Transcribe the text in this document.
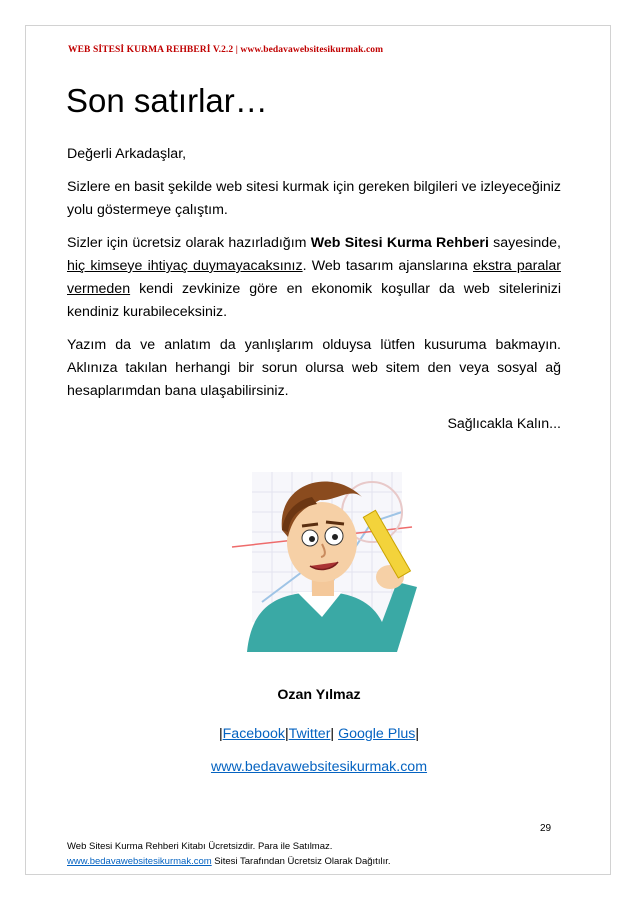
WEB SİTESİ KURMA REHBERİ V.2.2 | www.bedavawebsitesikurmak.com
Son satırlar…

Değerli Arkadaşlar,

Sizlere en basit şekilde web sitesi kurmak için gereken bilgileri ve izleyeceğiniz yolu göstermeye çalıştım.

Sizler için ücretsiz olarak hazırladığım Web Sitesi Kurma Rehberi sayesinde, hiç kimseye ihtiyaç duymayacaksınız. Web tasarım ajanslarına ekstra paralar vermeden kendi zevkinize göre en ekonomik koşullar da web sitelerinizi kendiniz kurabileceksiniz.

Yazım da ve anlatım da yanlışlarım olduysa lütfen kusuruma bakmayın. Aklınıza takılan herhangi bir sorun olursa web sitem den veya sosyal ağ hesaplarımdan bana ulaşabilirsiniz.

Sağlıcakla Kalın...

Ozan Yılmaz
|Facebook|Twitter| Google Plus|
www.bedavawebsitesikurmak.com
29
Web Sitesi Kurma Rehberi Kitabı Ücretsizdir. Para ile Satılmaz.
www.bedavawebsitesikurmak.com Sitesi Tarafından Ücretsiz Olarak Dağıtılır.
